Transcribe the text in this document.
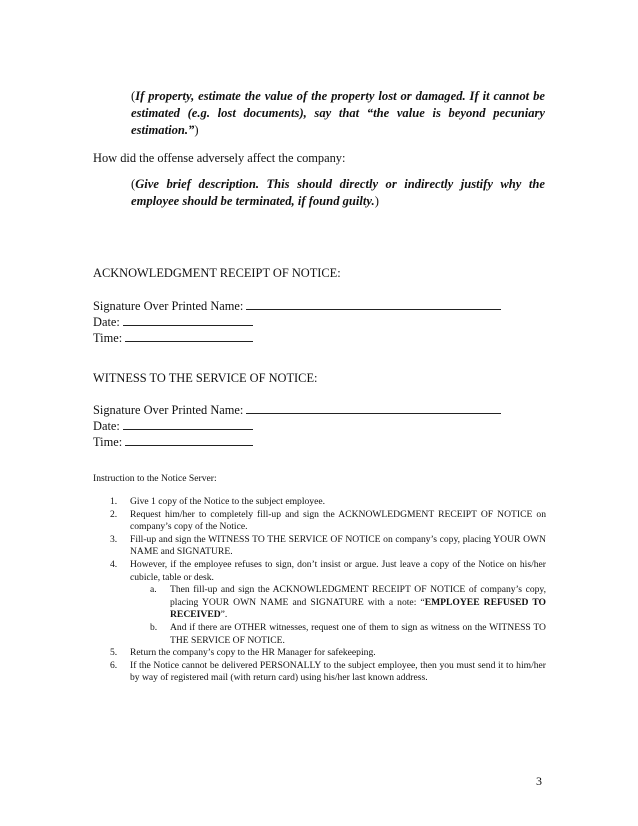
(If property, estimate the value of the property lost or damaged. If it cannot be estimated (e.g. lost documents), say that “the value is beyond pecuniary estimation.”)
How did the offense adversely affect the company:
(Give brief description. This should directly or indirectly justify why the employee should be terminated, if found guilty.)
ACKNOWLEDGMENT RECEIPT OF NOTICE:
Signature Over Printed Name:
Date:
Time:
WITNESS TO THE SERVICE OF NOTICE:
Signature Over Printed Name:
Date:
Time:
Instruction to the Notice Server:
1. Give 1 copy of the Notice to the subject employee.
2. Request him/her to completely fill-up and sign the ACKNOWLEDGMENT RECEIPT OF NOTICE on company’s copy of the Notice.
3. Fill-up and sign the WITNESS TO THE SERVICE OF NOTICE on company’s copy, placing YOUR OWN NAME and SIGNATURE.
4. However, if the employee refuses to sign, don’t insist or argue. Just leave a copy of the Notice on his/her cubicle, table or desk.
a. Then fill-up and sign the ACKNOWLEDGMENT RECEIPT OF NOTICE of company’s copy, placing YOUR OWN NAME and SIGNATURE with a note: “EMPLOYEE REFUSED TO RECEIVED”.
b. And if there are OTHER witnesses, request one of them to sign as witness on the WITNESS TO THE SERVICE OF NOTICE.
5. Return the company’s copy to the HR Manager for safekeeping.
6. If the Notice cannot be delivered PERSONALLY to the subject employee, then you must send it to him/her by way of registered mail (with return card) using his/her last known address.
3
